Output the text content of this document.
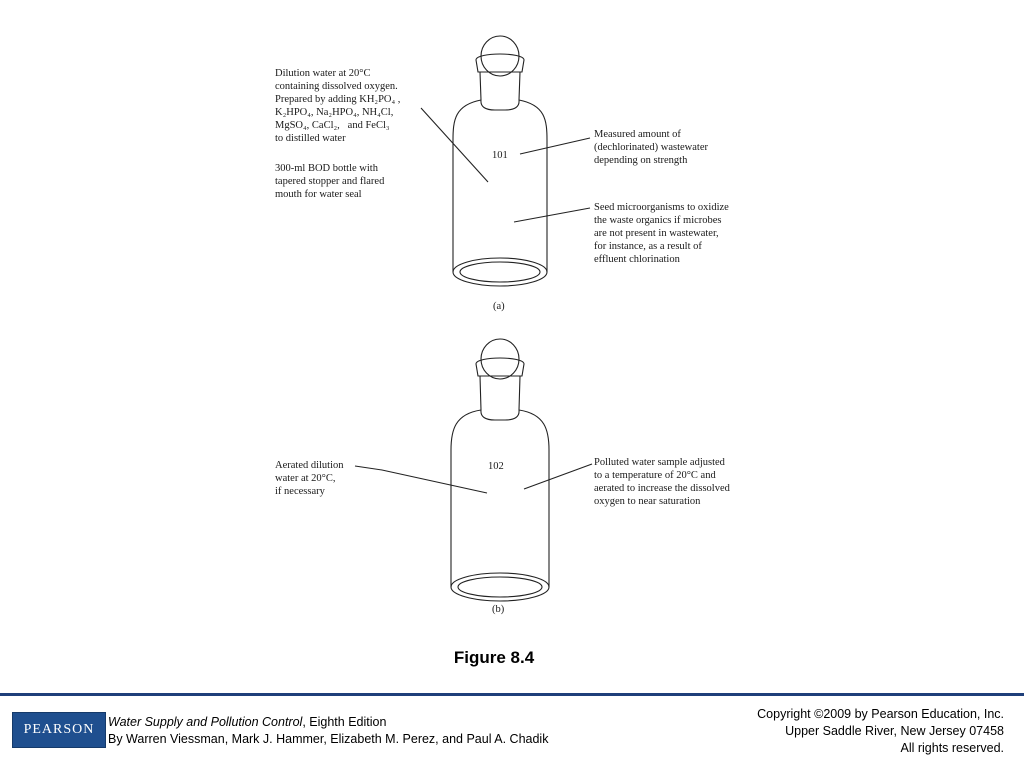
Dilution water at 20°C
containing dissolved oxygen.
Prepared by adding KH₂PO₄ ,
K₂HPO₄, Na₂HPO₄, NH₄Cl,
MgSO₄, CaCl₂,   and FeCl₃
to distilled water
300-ml BOD bottle with
tapered stopper and flared
mouth for water seal
Measured amount of
(dechlorinated) wastewater
depending on strength
Seed microorganisms to oxidize
the waste organics if microbes
are not present in wastewater,
for instance, as a result of
effluent chlorination
101
(a)
Aerated dilution
water at 20°C,
if necessary
Polluted water sample adjusted
to a temperature of 20°C and
aerated to increase the dissolved
oxygen to near saturation
102
(b)
Figure 8.4
PEARSON Water Supply and Pollution Control, Eighth Edition
By Warren Viessman, Mark J. Hammer, Elizabeth M. Perez, and Paul A. Chadik
Copyright ©2009 by Pearson Education, Inc.
Upper Saddle River, New Jersey 07458
All rights reserved.
